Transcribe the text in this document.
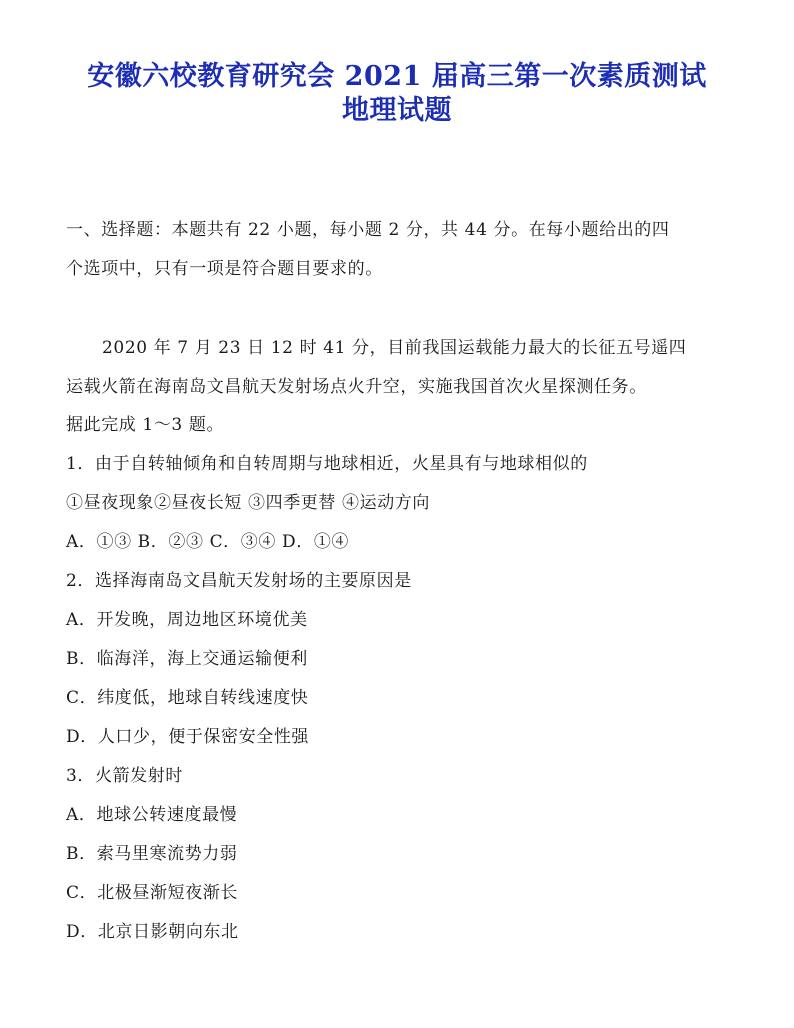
安徽六校教育研究会 2021 届高三第一次素质测试
地理试题
一、选择题：本题共有 22 小题，每小题 2 分，共 44 分。在每小题给出的四
个选项中，只有一项是符合题目要求的。
2020 年 7 月 23 日 12 时 41 分，目前我国运载能力最大的长征五号遥四
运载火箭在海南岛文昌航天发射场点火升空，实施我国首次火星探测任务。
据此完成 1～3 题。
1．由于自转轴倾角和自转周期与地球相近，火星具有与地球相似的
①昼夜现象②昼夜长短 ③四季更替 ④运动方向
A．①③ B．②③ C．③④ D．①④
2．选择海南岛文昌航天发射场的主要原因是
A．开发晚，周边地区环境优美
B．临海洋，海上交通运输便利
C．纬度低，地球自转线速度快
D．人口少，便于保密安全性强
3．火箭发射时
A．地球公转速度最慢
B．索马里寒流势力弱
C．北极昼渐短夜渐长
D．北京日影朝向东北
